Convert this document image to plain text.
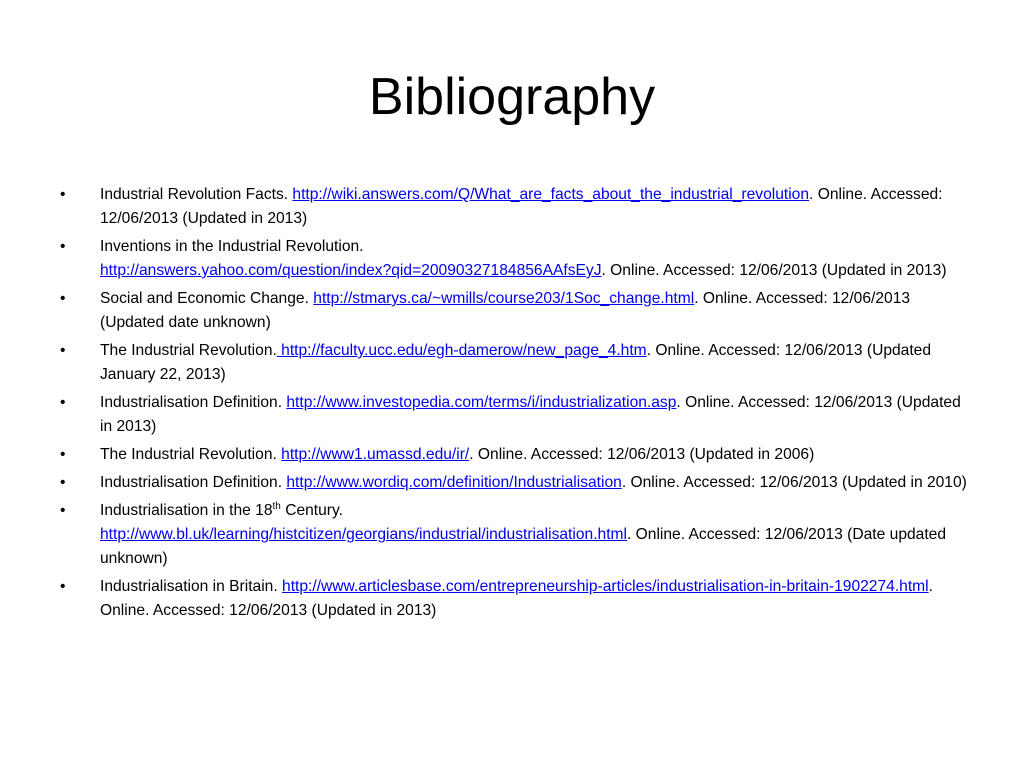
Bibliography
• Industrial Revolution Facts. http://wiki.answers.com/Q/What_are_facts_about_the_industrial_revolution. Online. Accessed: 12/06/2013 (Updated in 2013)
• Inventions in the Industrial Revolution.
http://answers.yahoo.com/question/index?qid=20090327184856AAfsEyJ. Online. Accessed: 12/06/2013 (Updated in 2013)
• Social and Economic Change. http://stmarys.ca/~wmills/course203/1Soc_change.html. Online. Accessed: 12/06/2013 (Updated date unknown)
• The Industrial Revolution. http://faculty.ucc.edu/egh-damerow/new_page_4.htm. Online. Accessed: 12/06/2013 (Updated January 22, 2013)
• Industrialisation Definition. http://www.investopedia.com/terms/i/industrialization.asp. Online. Accessed: 12/06/2013 (Updated in 2013)
• The Industrial Revolution. http://www1.umassd.edu/ir/. Online. Accessed: 12/06/2013 (Updated in 2006)
• Industrialisation Definition. http://www.wordiq.com/definition/Industrialisation. Online. Accessed: 12/06/2013 (Updated in 2010)
• Industrialisation in the 18th Century.
http://www.bl.uk/learning/histcitizen/georgians/industrial/industrialisation.html. Online. Accessed: 12/06/2013 (Date updated unknown)
• Industrialisation in Britain. http://www.articlesbase.com/entrepreneurship-articles/industrialisation-in-britain-1902274.html. Online. Accessed: 12/06/2013 (Updated in 2013)
